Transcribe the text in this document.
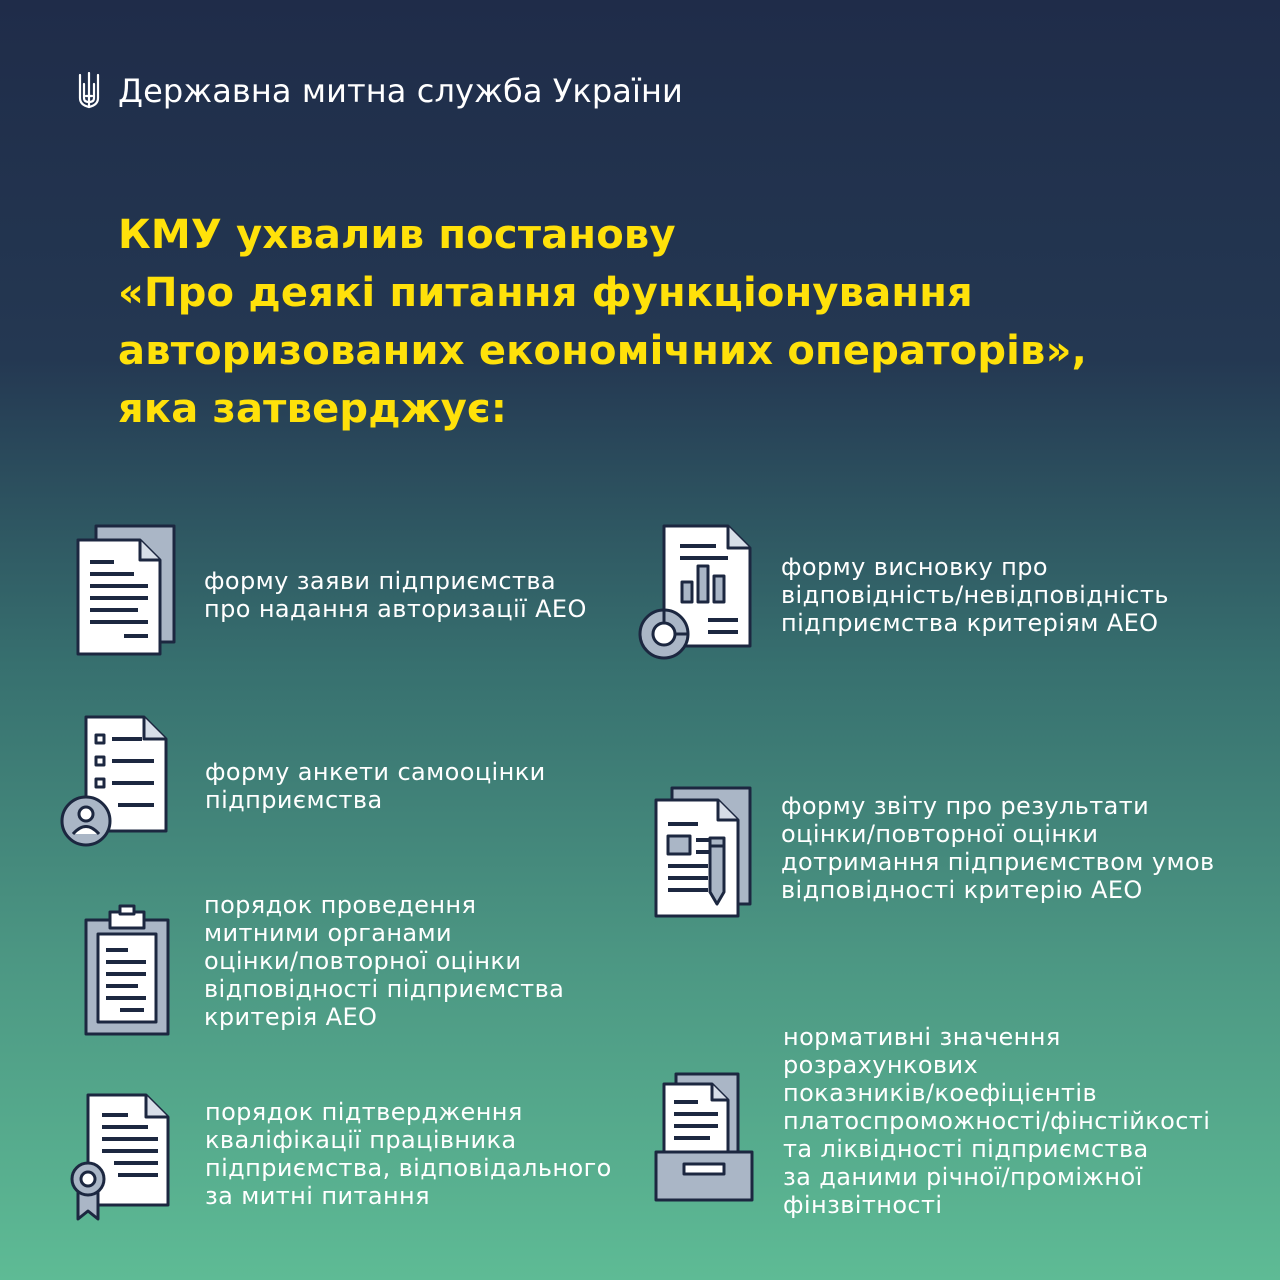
Державна митна служба України
КМУ ухвалив постанову
«Про деякі питання функціонування
авторизованих економічних операторів»,
яка затверджує:
форму заяви підприємства
про надання авторизації АЕО
форму висновку про
відповідність/невідповідність
підприємства критеріям АЕО
форму анкети самооцінки
підприємства	форму звіту про результати
оцінки/повторної оцінки
дотримання підприємством умов
відповідності критерію АЕО
порядок проведення
митними органами
оцінки/повторної оцінки
відповідності підприємства
критерія АЕО
нормативні значення
розрахункових
показників/коефіцієнтів
платоспроможності/фінстійкості
та ліквідності підприємства
за даними річної/проміжної
фінзвітності
порядок підтвердження
кваліфікації працівника
підприємства, відповідального
за митні питання
